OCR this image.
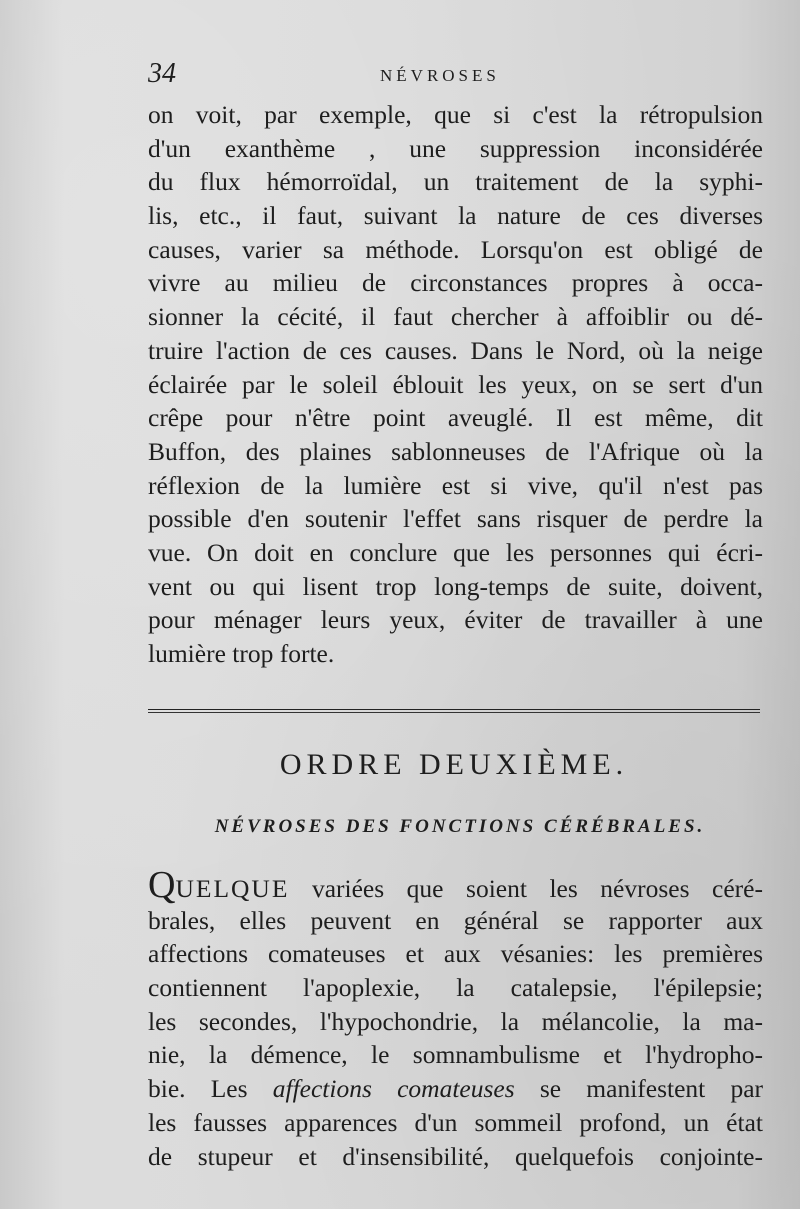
34	NÉVROSES
on voit, par exemple, que si c'est la rétropulsion
d'un exanthème , une suppression inconsidérée
du flux hémorroïdal, un traitement de la syphi-
lis, etc., il faut, suivant la nature de ces diverses
causes, varier sa méthode. Lorsqu'on est obligé de
vivre au milieu de circonstances propres à occa-
sionner la cécité, il faut chercher à affoiblir ou dé-
truire l'action de ces causes. Dans le Nord, où la neige
éclairée par le soleil éblouit les yeux, on se sert d'un
crêpe pour n'être point aveuglé. Il est même, dit
Buffon, des plaines sablonneuses de l'Afrique où la
réflexion de la lumière est si vive, qu'il n'est pas
possible d'en soutenir l'effet sans risquer de perdre la
vue. On doit en conclure que les personnes qui écri-
vent ou qui lisent trop long-temps de suite, doivent,
pour ménager leurs yeux, éviter de travailler à une
lumière trop forte.
ORDRE DEUXIÈME.
NÉVROSES DES FONCTIONS CÉRÉBRALES.
QUELQUE variées que soient les névroses céré-
brales, elles peuvent en général se rapporter aux
affections comateuses et aux vésanies: les premières
contiennent l'apoplexie, la catalepsie, l'épilepsie;
les secondes, l'hypochondrie, la mélancolie, la ma-
nie, la démence, le somnambulisme et l'hydropho-
bie. Les affections comateuses se manifestent par
les fausses apparences d'un sommeil profond, un état
de stupeur et d'insensibilité, quelquefois conjointe-
